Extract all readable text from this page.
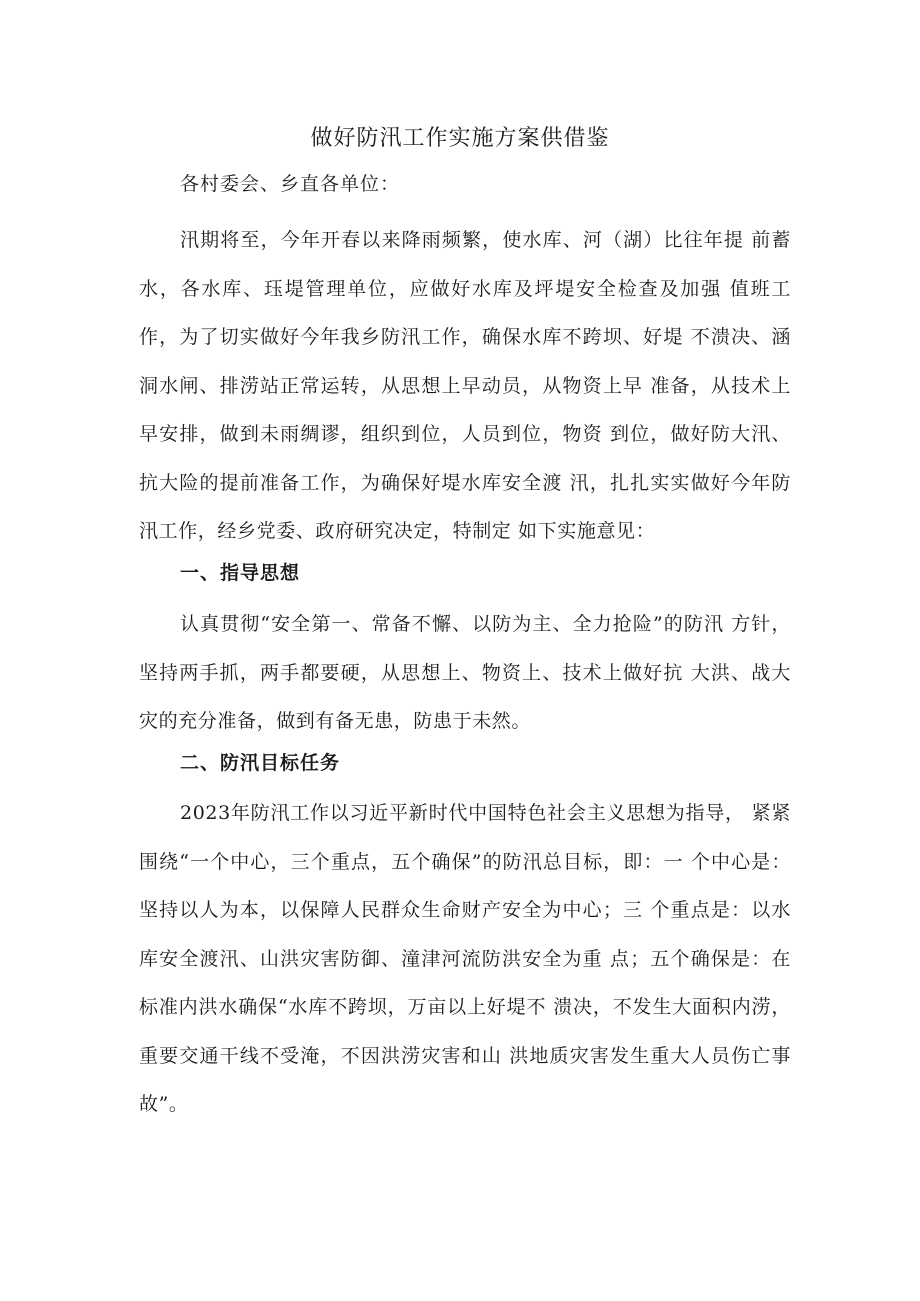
做好防汛工作实施方案供借鉴
各村委会、乡直各单位：

汛期将至，今年开春以来降雨频繁，使水库、河（湖）比往年提 前蓄水，各水库、珏堤管理单位，应做好水库及坪堤安全检查及加强 值班工作，为了切实做好今年我乡防汛工作，确保水库不跨坝、好堤 不溃决、涵洞水闸、排涝站正常运转，从思想上早动员，从物资上早 准备，从技术上早安排，做到未雨绸谬，组织到位，人员到位，物资 到位，做好防大汛、抗大险的提前准备工作，为确保好堤水库安全渡 汛，扎扎实实做好今年防汛工作，经乡党委、政府研究决定，特制定 如下实施意见：

一、指导思想

认真贯彻“安全第一、常备不懈、以防为主、全力抢险”的防汛 方针，坚持两手抓，两手都要硬，从思想上、物资上、技术上做好抗 大洪、战大灾的充分准备，做到有备无患，防患于未然。

二、防汛目标任务

2023年防汛工作以习近平新时代中国特色社会主义思想为指导， 紧紧围绕“一个中心，三个重点，五个确保”的防汛总目标，即：一 个中心是：坚持以人为本，以保障人民群众生命财产安全为中心；三 个重点是：以水库安全渡汛、山洪灾害防御、潼津河流防洪安全为重 点；五个确保是：在标准内洪水确保“水库不跨坝，万亩以上好堤不 溃决，不发生大面积内涝，重要交通干线不受淹，不因洪涝灾害和山 洪地质灾害发生重大人员伤亡事故”。
